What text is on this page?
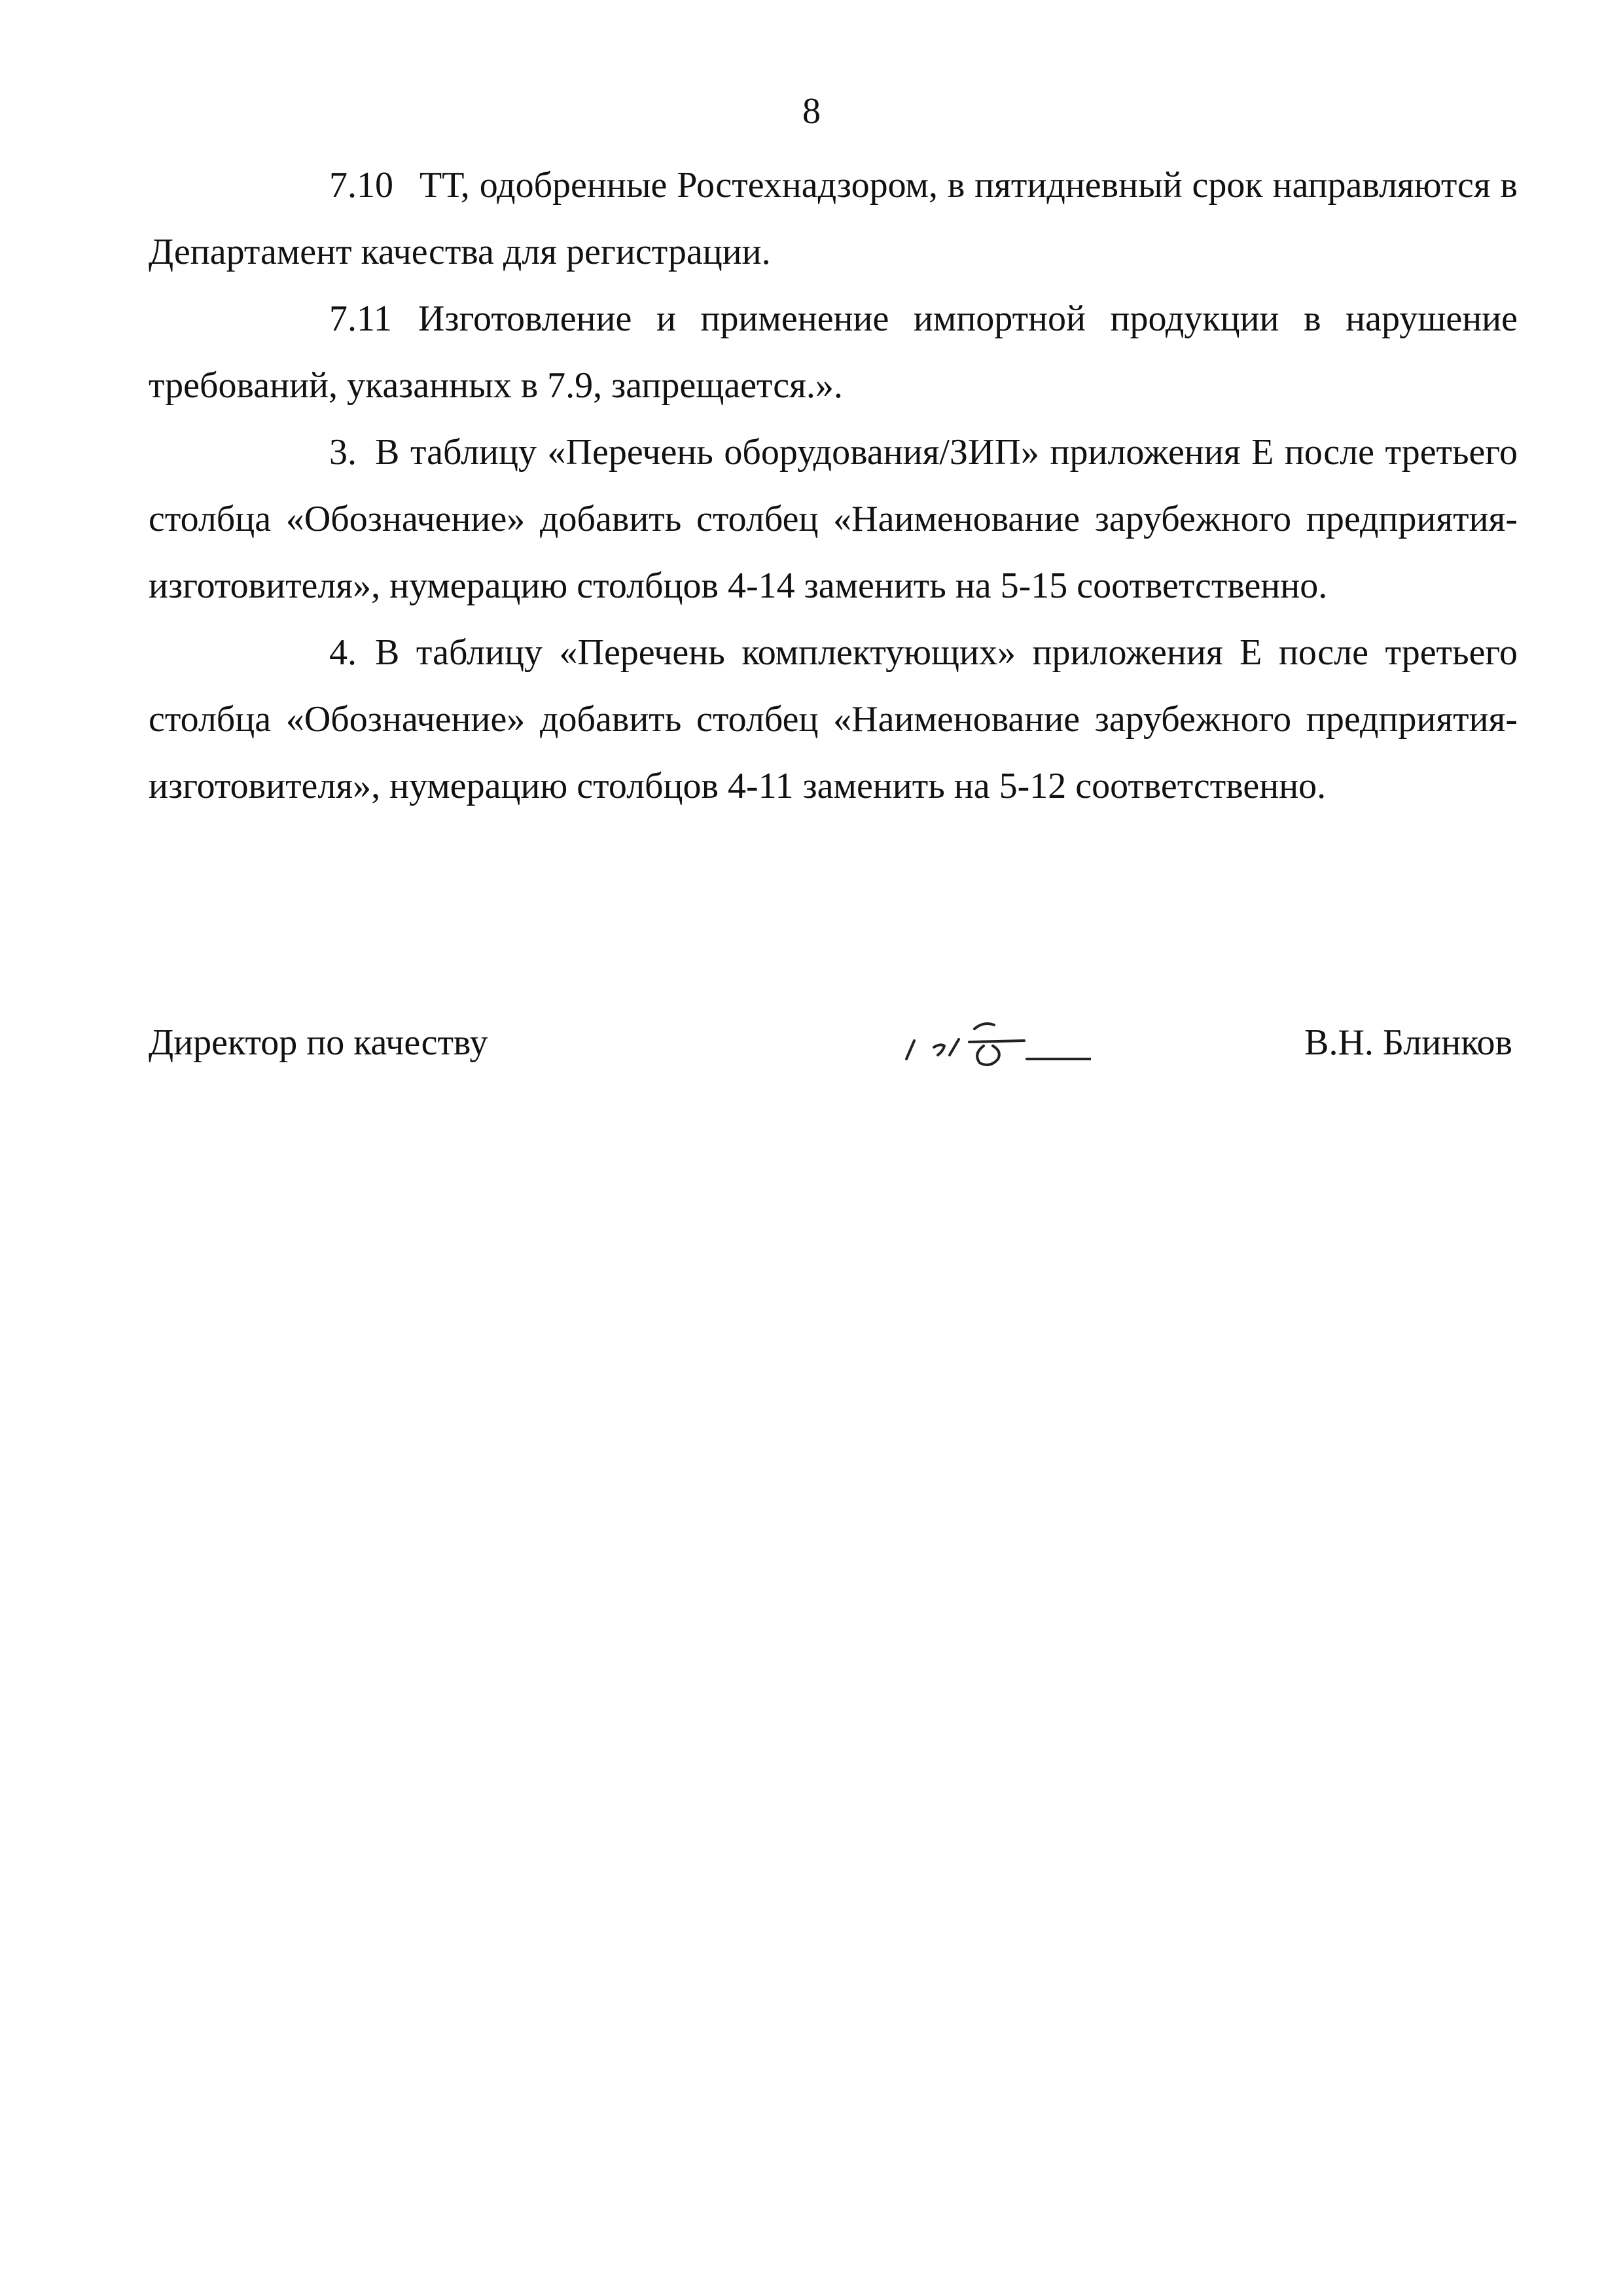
8

7.10 ТТ, одобренные Ростехнадзором, в пятидневный срок направляются в Департамент качества для регистрации.

7.11 Изготовление и применение импортной продукции в нарушение требований, указанных в 7.9, запрещается.».

3. В таблицу «Перечень оборудования/ЗИП» приложения Е после третьего столбца «Обозначение» добавить столбец «Наименование зарубежного предприятия-изготовителя», нумерацию столбцов 4-14 заменить на 5-15 соответственно.

4. В таблицу «Перечень комплектующих» приложения Е после третьего столбца «Обозначение» добавить столбец «Наименование зарубежного предприятия-изготовителя», нумерацию столбцов 4-11 заменить на 5-12 соответственно.

Директор по качеству	В.Н. Блинков
